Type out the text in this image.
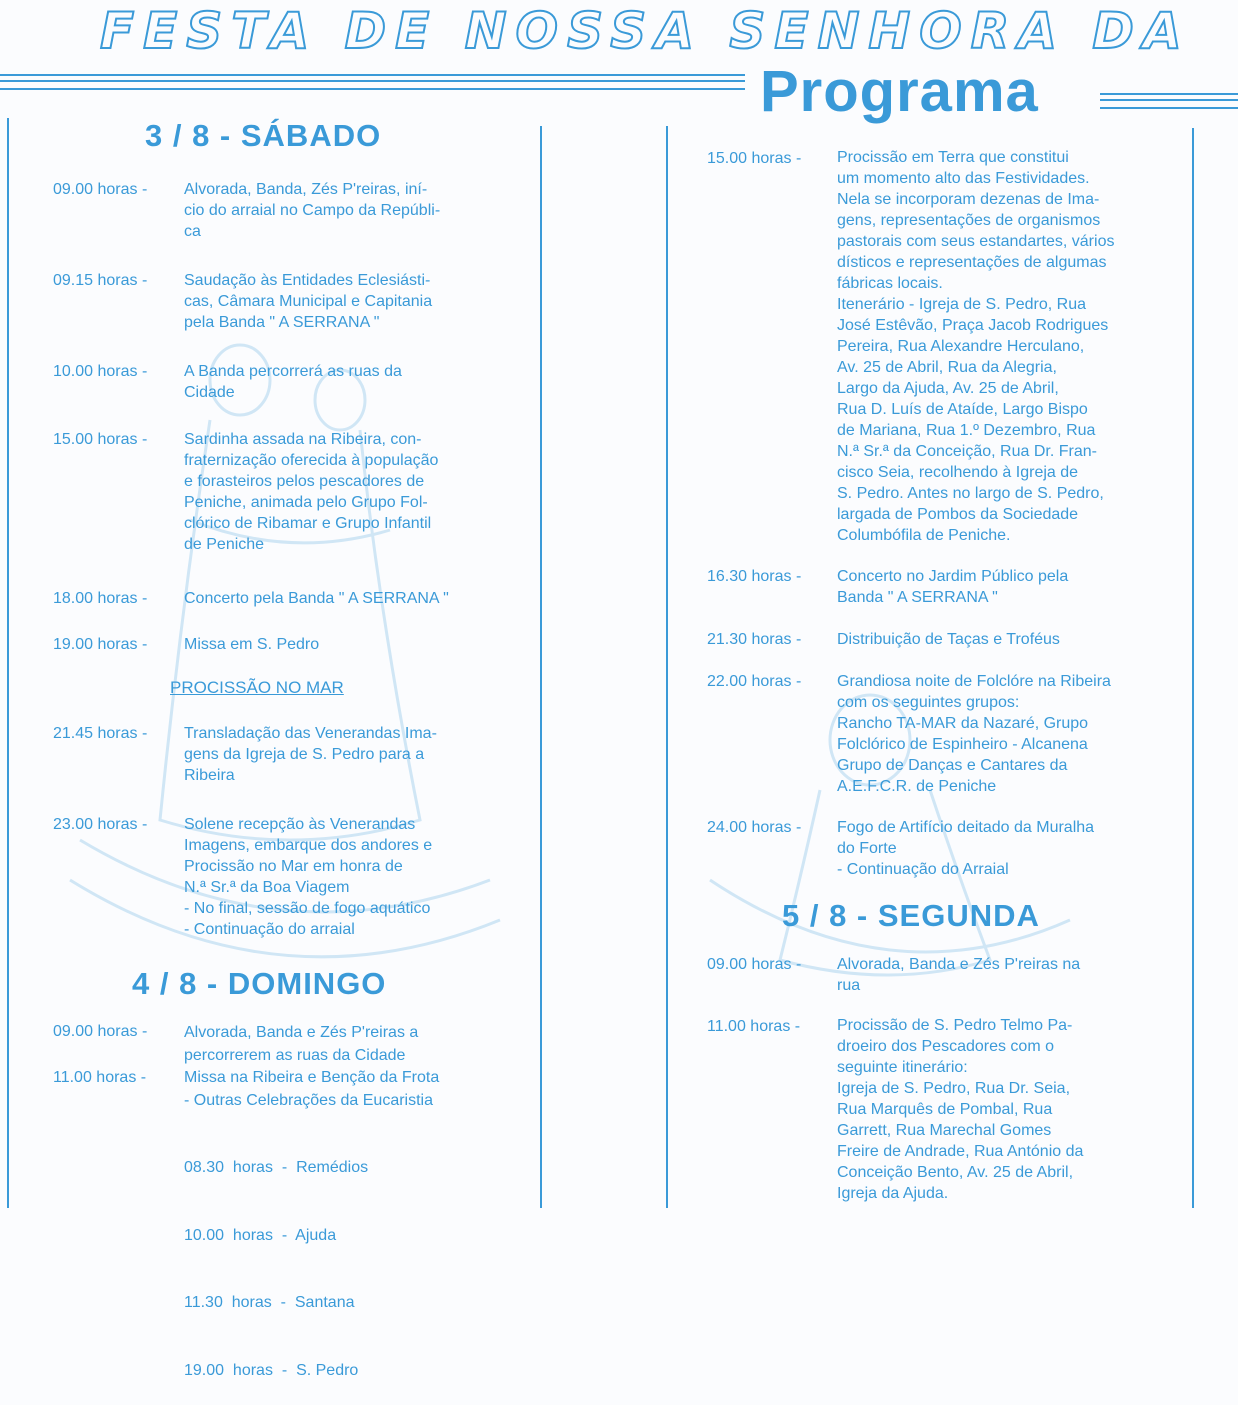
FESTA DE NOSSA SENHORA DA
Programa
3 / 8 - SÁBADO
09.00 horas - Alvorada, Banda, Zés P'reiras, iní-
cio do arraial no Campo da Repúbli-
ca
09.15 horas - Saudação às Entidades Eclesiásti-
cas, Câmara Municipal e Capitania
pela Banda " A SERRANA "
10.00 horas - A Banda percorrerá as ruas da
Cidade
15.00 horas - Sardinha assada na Ribeira, con-
fraternização oferecida à população
e forasteiros pelos pescadores de
Peniche, animada pelo Grupo Fol-
clórico de Ribamar e Grupo Infantil
de Peniche
18.00 horas - Concerto pela Banda " A SERRANA "
19.00 horas - Missa em S. Pedro
PROCISSÃO NO MAR
21.45 horas - Transladação das Venerandas Ima-
gens da Igreja de S. Pedro para a
Ribeira
23.00 horas - Solene recepção às Venerandas
Imagens, embarque dos andores e
Procissão no Mar em honra de
N.ª Sr.ª da Boa Viagem
- No final, sessão de fogo aquático
- Continuação do arraial
4 / 8 - DOMINGO
09.00 horas - Alvorada, Banda e Zés P'reiras a
percorrerem as ruas da Cidade
11.00 horas - Missa na Ribeira e Benção da Frota
- Outras Celebrações da Eucaristia

08.30  horas  -  Remédios

10.00  horas  -  Ajuda

11.30  horas  -  Santana

19.00  horas  -  S. Pedro

15.00 horas - Procissão em Terra que constitui
um momento alto das Festividades.
Nela se incorporam dezenas de Ima-
gens, representações de organismos
pastorais com seus estandartes, vários
dísticos e representações de algumas
fábricas locais.
Itenerário - Igreja de S. Pedro, Rua
José Estêvão, Praça Jacob Rodrigues
Pereira, Rua Alexandre Herculano,
Av. 25 de Abril, Rua da Alegria,
Largo da Ajuda, Av. 25 de Abril,
Rua D. Luís de Ataíde, Largo Bispo
de Mariana, Rua 1.º Dezembro, Rua
N.ª Sr.ª da Conceição, Rua Dr. Fran-
cisco Seia, recolhendo à Igreja de
S. Pedro. Antes no largo de S. Pedro,
largada de Pombos da Sociedade
Columbófila de Peniche.
16.30 horas - Concerto no Jardim Público pela
Banda " A SERRANA "
21.30 horas - Distribuição de Taças e Troféus
22.00 horas - Grandiosa noite de Folclóre na Ribeira
com os seguintes grupos:
Rancho TA-MAR da Nazaré, Grupo
Folclórico de Espinheiro - Alcanena
Grupo de Danças e Cantares da
A.E.F.C.R. de Peniche
24.00 horas - Fogo de Artifício deitado da Muralha
do Forte
- Continuação do Arraial
5 / 8 - SEGUNDA
09.00 horas - Alvorada, Banda e Zés P'reiras na
rua
11.00 horas - Procissão de S. Pedro Telmo Pa-
droeiro dos Pescadores com o
seguinte itinerário:
Igreja de S. Pedro, Rua Dr. Seia,
Rua Marquês de Pombal, Rua
Garrett, Rua Marechal Gomes
Freire de Andrade, Rua António da
Conceição Bento, Av. 25 de Abril,
Igreja da Ajuda.
